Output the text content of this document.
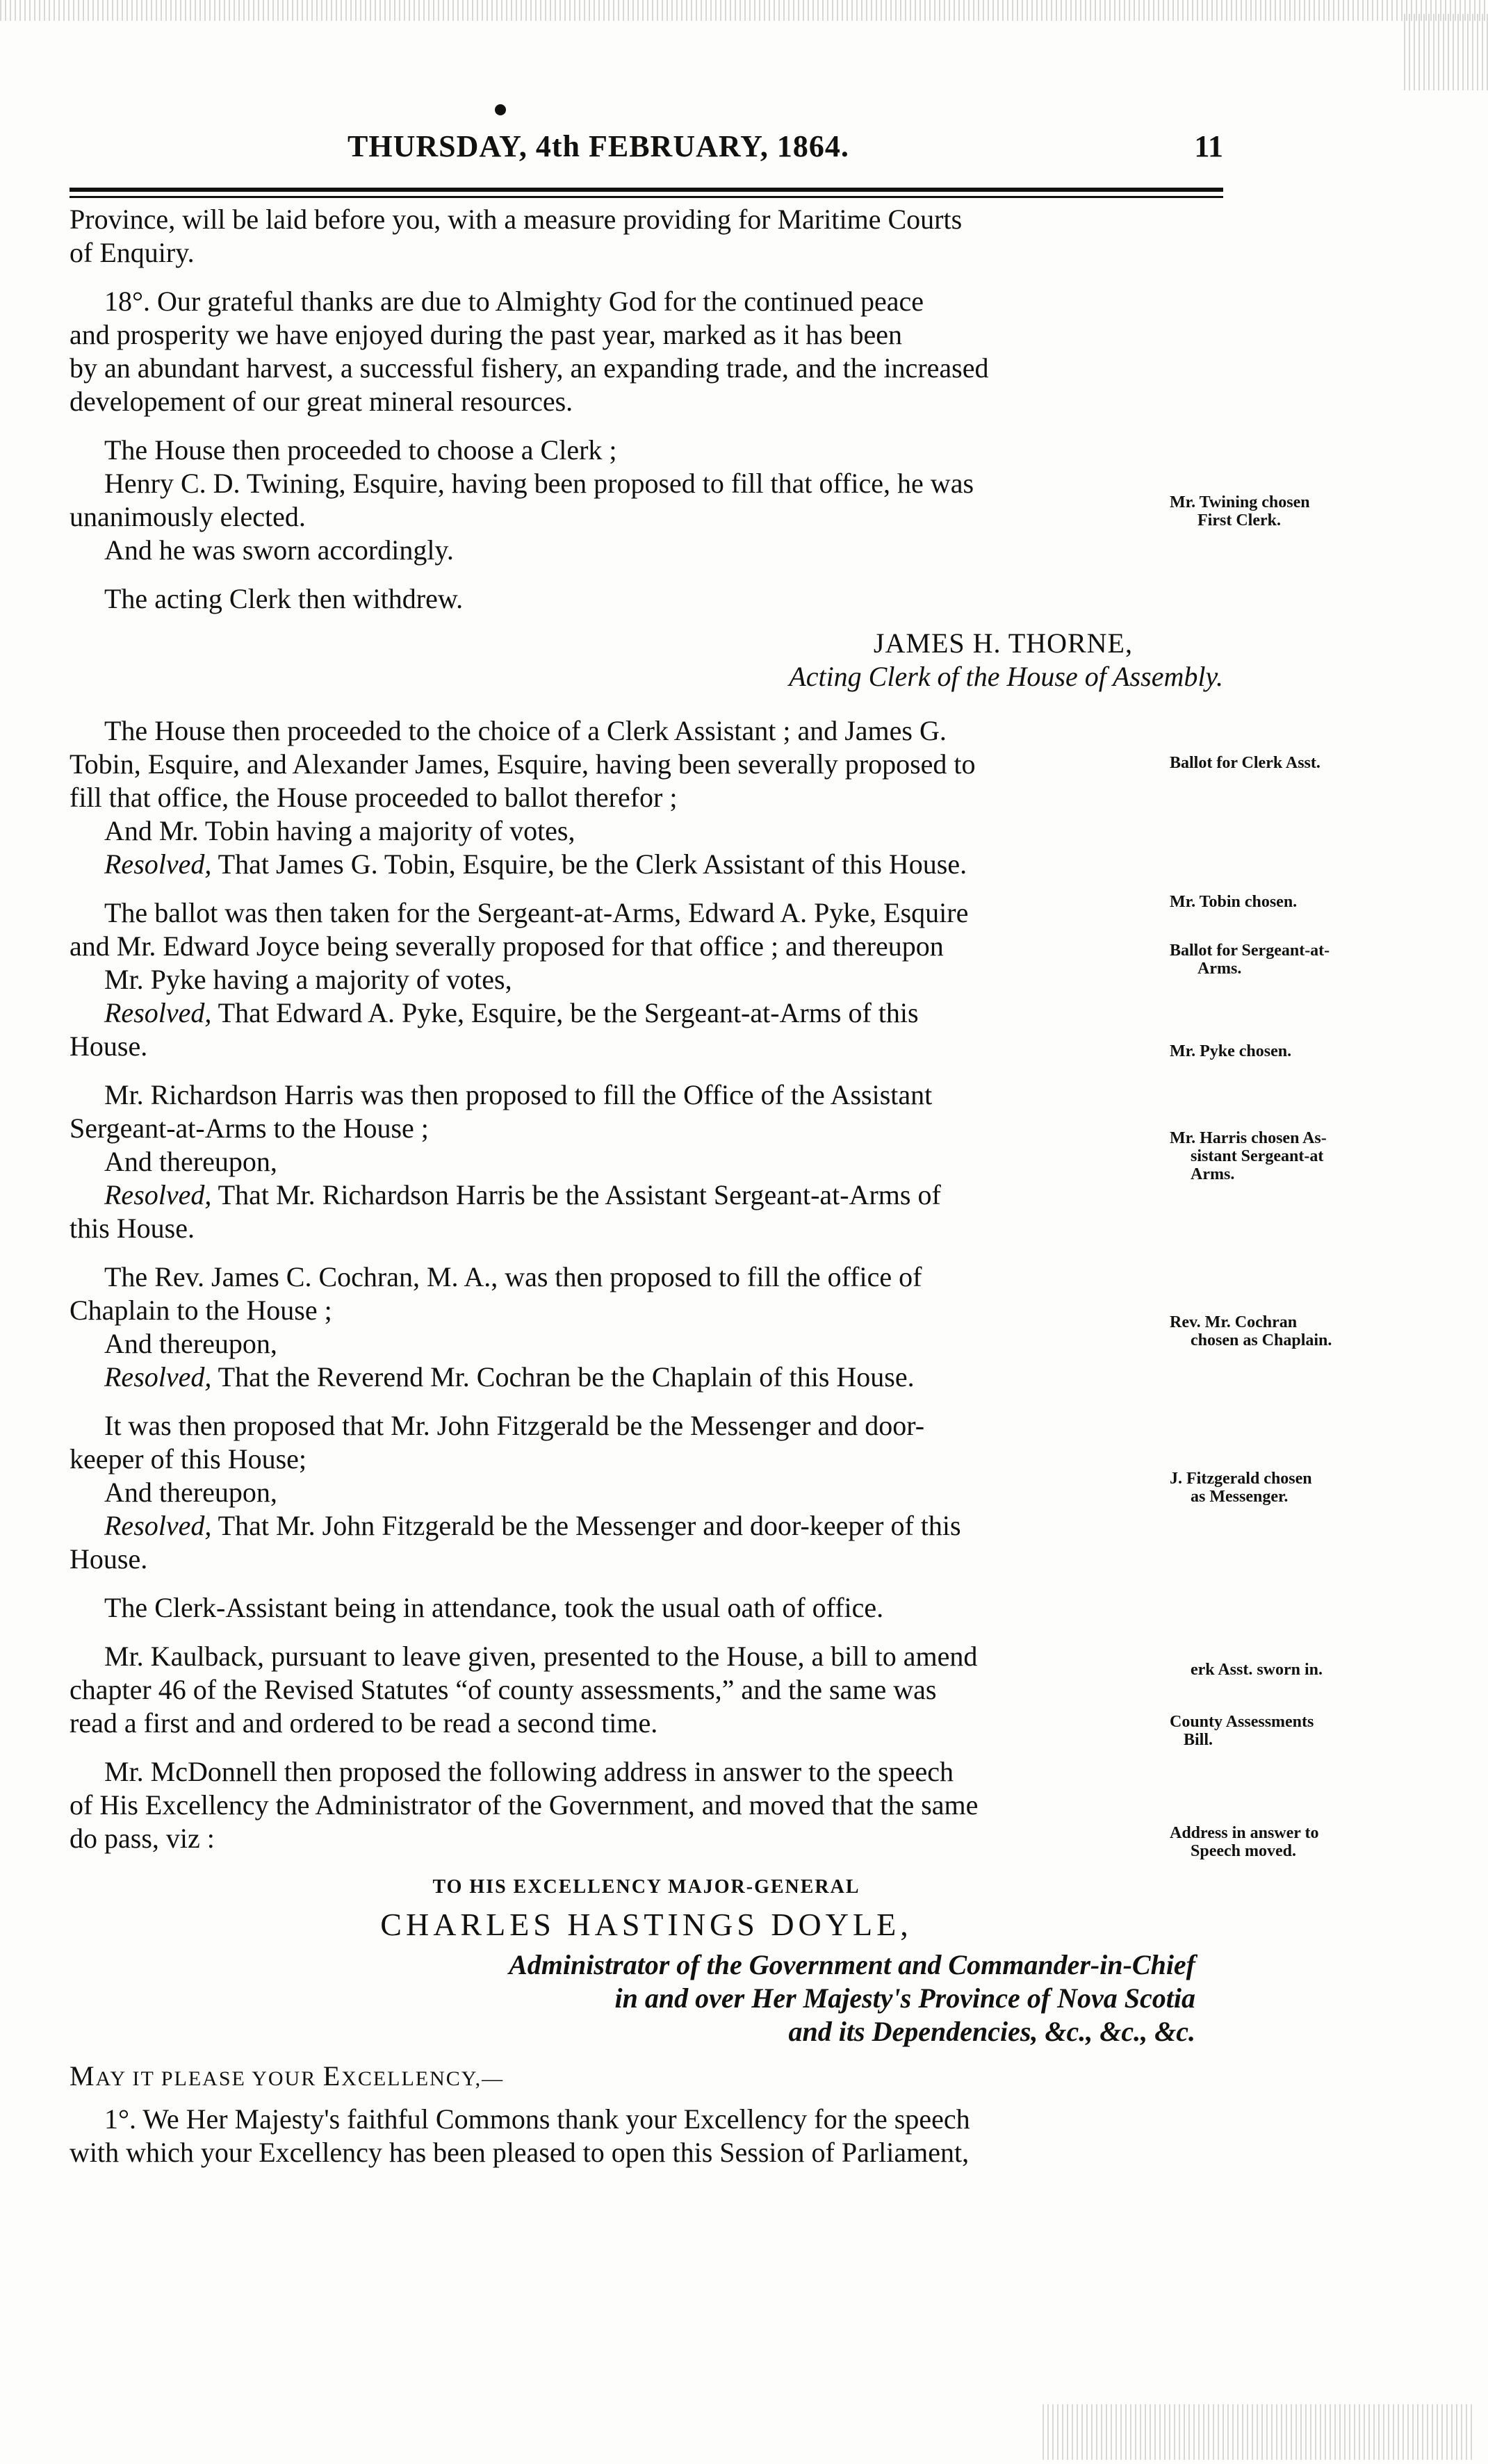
THURSDAY, 4th FEBRUARY, 1864.	11
Province, will be laid before you, with a measure providing for Maritime Courts
of Enquiry.
18°. Our grateful thanks are due to Almighty God for the continued peace
and prosperity we have enjoyed during the past year, marked as it has been
by an abundant harvest, a successful fishery, an expanding trade, and the increased
developement of our great mineral resources.
The House then proceeded to choose a Clerk ;
Henry C. D. Twining, Esquire, having been proposed to fill that office, he was
unanimously elected.
And he was sworn accordingly.
The acting Clerk then withdrew.
JAMES H. THORNE,
Acting Clerk of the House of Assembly.
The House then proceeded to the choice of a Clerk Assistant ; and James G.
Tobin, Esquire, and Alexander James, Esquire, having been severally proposed to
fill that office, the House proceeded to ballot therefor ;
And Mr. Tobin having a majority of votes,
Resolved, That James G. Tobin, Esquire, be the Clerk Assistant of this House.
The ballot was then taken for the Sergeant-at-Arms, Edward A. Pyke, Esquire
and Mr. Edward Joyce being severally proposed for that office ; and thereupon
Mr. Pyke having a majority of votes,
Resolved, That Edward A. Pyke, Esquire, be the Sergeant-at-Arms of this
House.
Mr. Richardson Harris was then proposed to fill the Office of the Assistant
Sergeant-at-Arms to the House ;
And thereupon,
Resolved, That Mr. Richardson Harris be the Assistant Sergeant-at-Arms of
this House.
The Rev. James C. Cochran, M. A., was then proposed to fill the office of
Chaplain to the House ;
And thereupon,
Resolved, That the Reverend Mr. Cochran be the Chaplain of this House.
It was then proposed that Mr. John Fitzgerald be the Messenger and door-
keeper of this House;
And thereupon,
Resolved, That Mr. John Fitzgerald be the Messenger and door-keeper of this
House.
The Clerk-Assistant being in attendance, took the usual oath of office.
Mr. Kaulback, pursuant to leave given, presented to the House, a bill to amend
chapter 46 of the Revised Statutes “of county assessments,” and the same was
read a first and and ordered to be read a second time.
Mr. McDonnell then proposed the following address in answer to the speech
of His Excellency the Administrator of the Government, and moved that the same
do pass, viz :
TO HIS EXCELLENCY MAJOR-GENERAL
CHARLES HASTINGS DOYLE,
Administrator of the Government and Commander-in-Chief
in and over Her Majesty's Province of Nova Scotia
and its Dependencies, &c., &c., &c.
MAY IT PLEASE YOUR EXCELLENCY,—
1°. We Her Majesty's faithful Commons thank your Excellency for the speech
with which your Excellency has been pleased to open this Session of Parliament,
Mr. Twining chosen
First Clerk.
Ballot for Clerk Asst.
Mr. Tobin chosen.
Ballot for Sergeant-at-
Arms.
Mr. Pyke chosen.
Mr. Harris chosen As-
sistant Sergeant-at
Arms.
Rev. Mr. Cochran
chosen as Chaplain.
J. Fitzgerald chosen
as Messenger.
erk Asst. sworn in.
County Assessments
Bill.
Address in answer to
Speech moved.
